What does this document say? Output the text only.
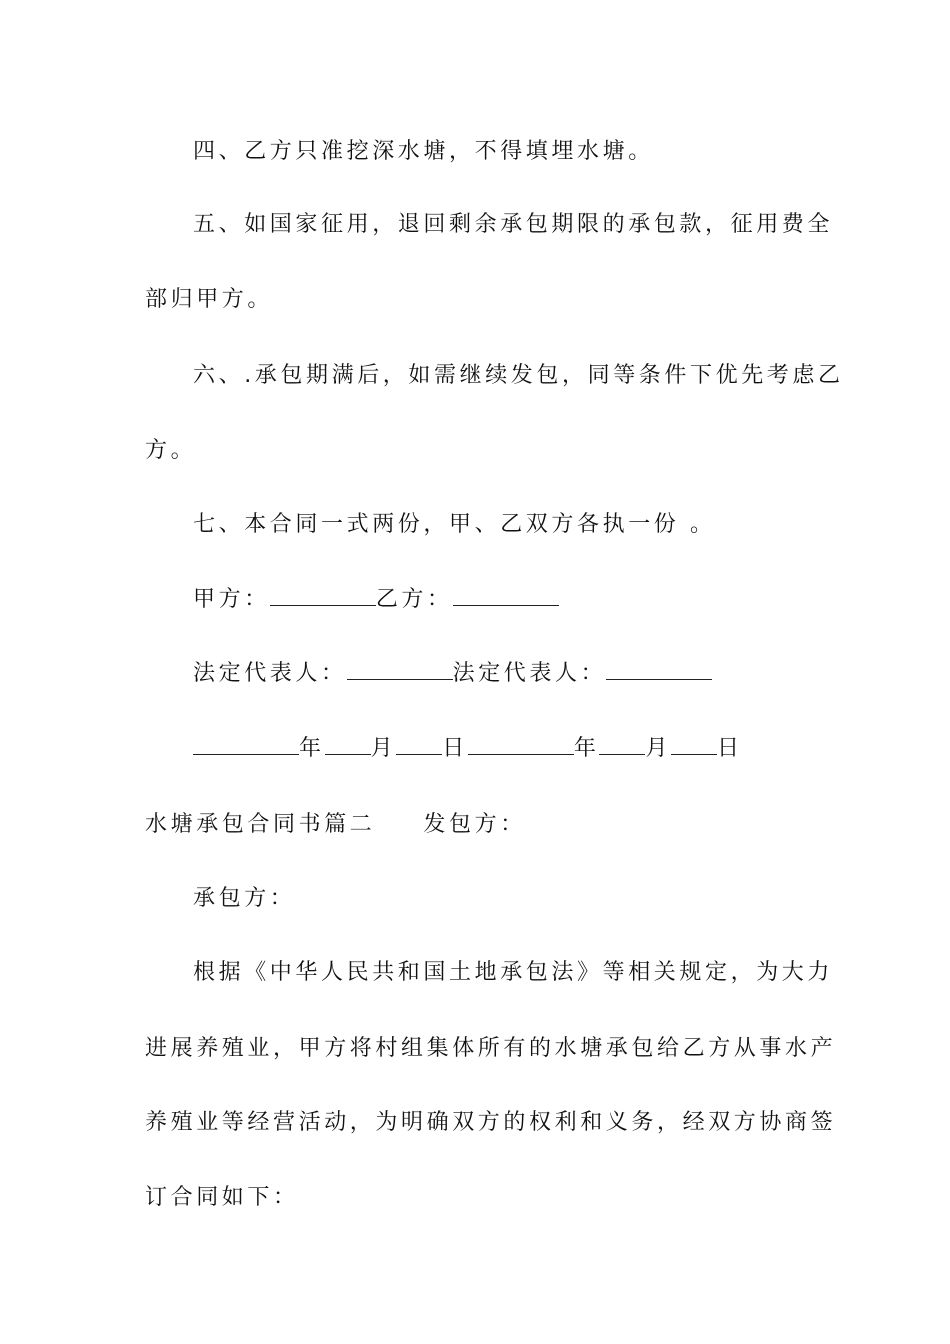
四、乙方只准挖深水塘，不得填埋水塘。

五、如国家征用，退回剩余承包期限的承包款，征用费全

部归甲方。

六、.承包期满后，如需继续发包，同等条件下优先考虑乙

方。

七、本合同一式两份，甲、乙双方各执一份 。

甲方：	乙方：

法定代表人：	法定代表人：

年 月 日	年 月 日

水塘承包合同书篇二 发包方：

承包方：

根据《中华人民共和国土地承包法》等相关规定，为大力

进展养殖业，甲方将村组集体所有的水塘承包给乙方从事水产

养殖业等经营活动，为明确双方的权利和义务，经双方协商签

订合同如下：
